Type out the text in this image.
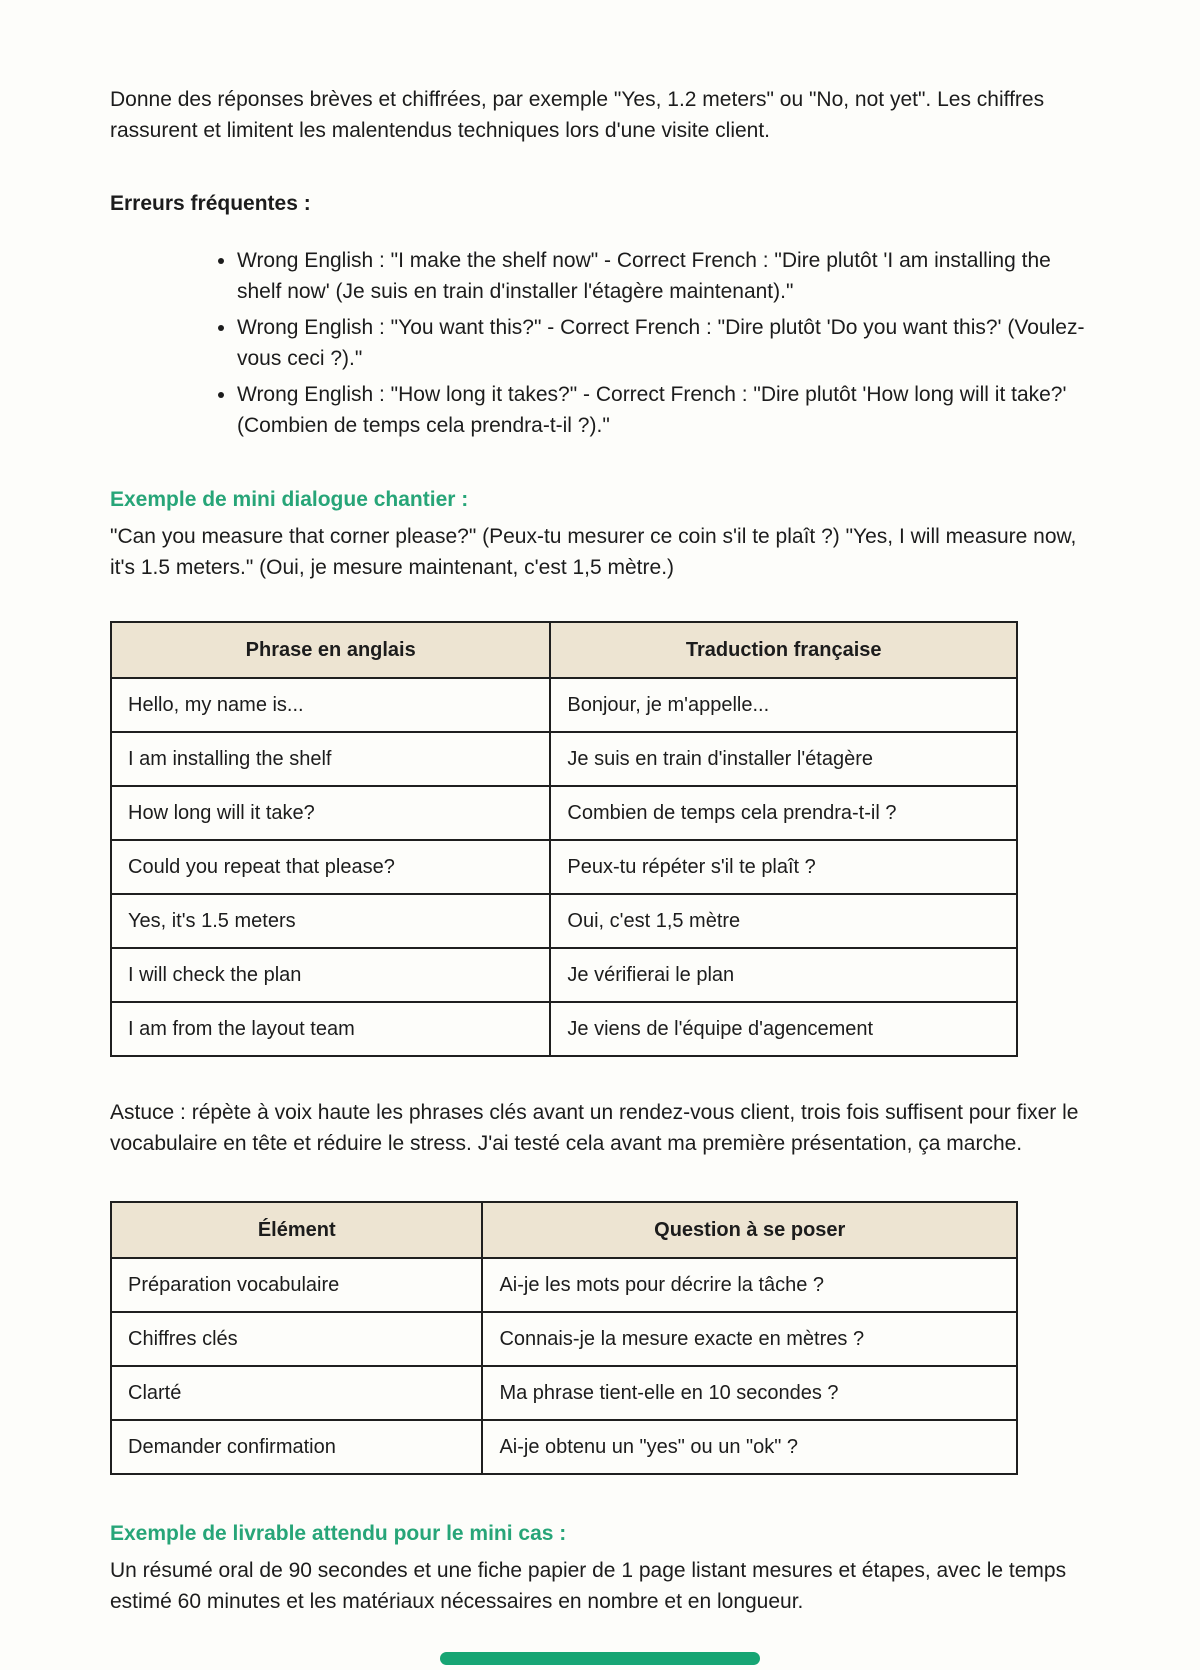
Donne des réponses brèves et chiffrées, par exemple "Yes, 1.2 meters" ou "No, not yet". Les chiffres rassurent et limitent les malentendus techniques lors d'une visite client.

Erreurs fréquentes :
• Wrong English : "I make the shelf now" - Correct French : "Dire plutôt 'I am installing the shelf now' (Je suis en train d'installer l'étagère maintenant)."
• Wrong English : "You want this?" - Correct French : "Dire plutôt 'Do you want this?' (Voulez-vous ceci ?)."
• Wrong English : "How long it takes?" - Correct French : "Dire plutôt 'How long will it take?' (Combien de temps cela prendra-t-il ?)."
Exemple de mini dialogue chantier :

"Can you measure that corner please?" (Peux-tu mesurer ce coin s'il te plaît ?) "Yes, I will measure now, it's 1.5 meters." (Oui, je mesure maintenant, c'est 1,5 mètre.)

Phrase en anglais	Traduction française
Hello, my name is...	Bonjour, je m'appelle...
I am installing the shelf	Je suis en train d'installer l'étagère
How long will it take?	Combien de temps cela prendra-t-il ?
Could you repeat that please?	Peux-tu répéter s'il te plaît ?
Yes, it's 1.5 meters	Oui, c'est 1,5 mètre
I will check the plan	Je vérifierai le plan
I am from the layout team	Je viens de l'équipe d'agencement

Astuce : répète à voix haute les phrases clés avant un rendez-vous client, trois fois suffisent pour fixer le vocabulaire en tête et réduire le stress. J'ai testé cela avant ma première présentation, ça marche.

Élément	Question à se poser
Préparation vocabulaire	Ai-je les mots pour décrire la tâche ?
Chiffres clés	Connais-je la mesure exacte en mètres ?
Clarté	Ma phrase tient-elle en 10 secondes ?
Demander confirmation	Ai-je obtenu un "yes" ou un "ok" ?
Exemple de livrable attendu pour le mini cas :

Un résumé oral de 90 secondes et une fiche papier de 1 page listant mesures et étapes, avec le temps estimé 60 minutes et les matériaux nécessaires en nombre et en longueur.
